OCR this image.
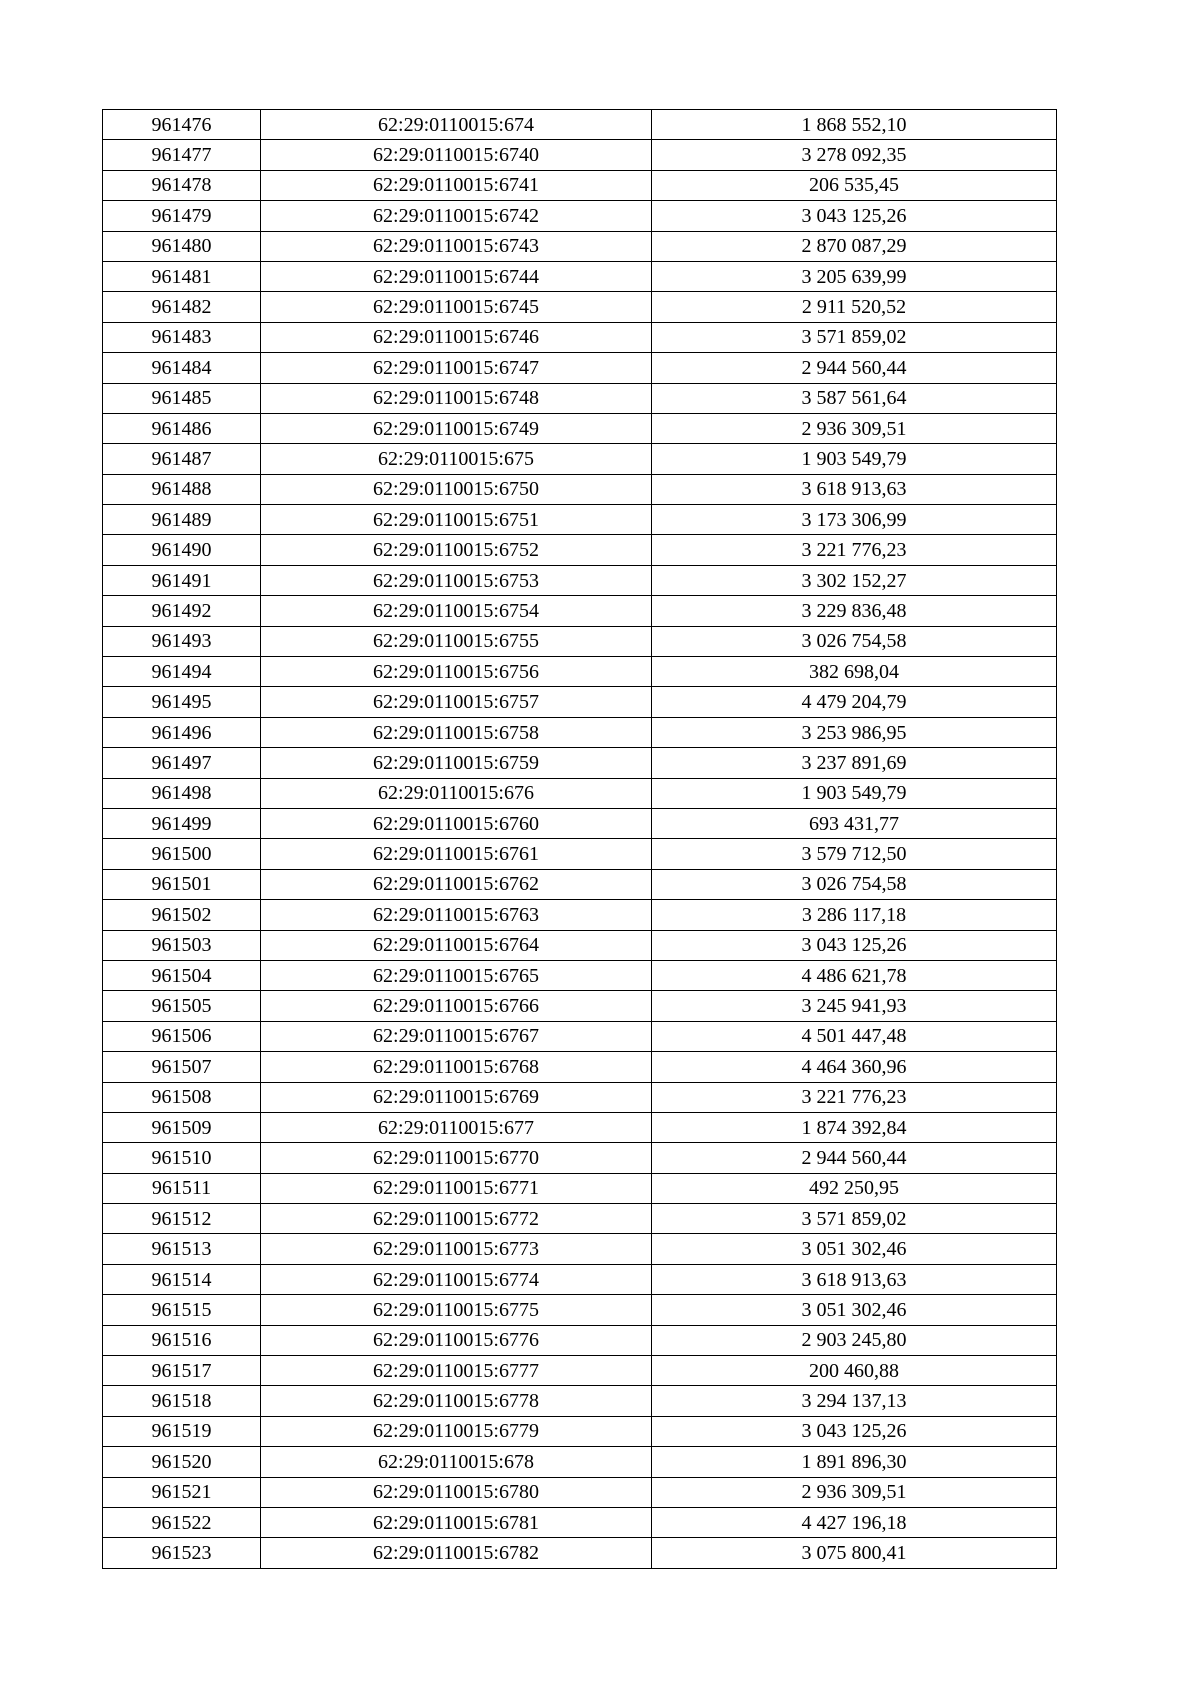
961476	62:29:0110015:674	1 868 552,10
961477	62:29:0110015:6740	3 278 092,35
961478	62:29:0110015:6741	206 535,45
961479	62:29:0110015:6742	3 043 125,26
961480	62:29:0110015:6743	2 870 087,29
961481	62:29:0110015:6744	3 205 639,99
961482	62:29:0110015:6745	2 911 520,52
961483	62:29:0110015:6746	3 571 859,02
961484	62:29:0110015:6747	2 944 560,44
961485	62:29:0110015:6748	3 587 561,64
961486	62:29:0110015:6749	2 936 309,51
961487	62:29:0110015:675	1 903 549,79
961488	62:29:0110015:6750	3 618 913,63
961489	62:29:0110015:6751	3 173 306,99
961490	62:29:0110015:6752	3 221 776,23
961491	62:29:0110015:6753	3 302 152,27
961492	62:29:0110015:6754	3 229 836,48
961493	62:29:0110015:6755	3 026 754,58
961494	62:29:0110015:6756	382 698,04
961495	62:29:0110015:6757	4 479 204,79
961496	62:29:0110015:6758	3 253 986,95
961497	62:29:0110015:6759	3 237 891,69
961498	62:29:0110015:676	1 903 549,79
961499	62:29:0110015:6760	693 431,77
961500	62:29:0110015:6761	3 579 712,50
961501	62:29:0110015:6762	3 026 754,58
961502	62:29:0110015:6763	3 286 117,18
961503	62:29:0110015:6764	3 043 125,26
961504	62:29:0110015:6765	4 486 621,78
961505	62:29:0110015:6766	3 245 941,93
961506	62:29:0110015:6767	4 501 447,48
961507	62:29:0110015:6768	4 464 360,96
961508	62:29:0110015:6769	3 221 776,23
961509	62:29:0110015:677	1 874 392,84
961510	62:29:0110015:6770	2 944 560,44
961511	62:29:0110015:6771	492 250,95
961512	62:29:0110015:6772	3 571 859,02
961513	62:29:0110015:6773	3 051 302,46
961514	62:29:0110015:6774	3 618 913,63
961515	62:29:0110015:6775	3 051 302,46
961516	62:29:0110015:6776	2 903 245,80
961517	62:29:0110015:6777	200 460,88
961518	62:29:0110015:6778	3 294 137,13
961519	62:29:0110015:6779	3 043 125,26
961520	62:29:0110015:678	1 891 896,30
961521	62:29:0110015:6780	2 936 309,51
961522	62:29:0110015:6781	4 427 196,18
961523	62:29:0110015:6782	3 075 800,41
